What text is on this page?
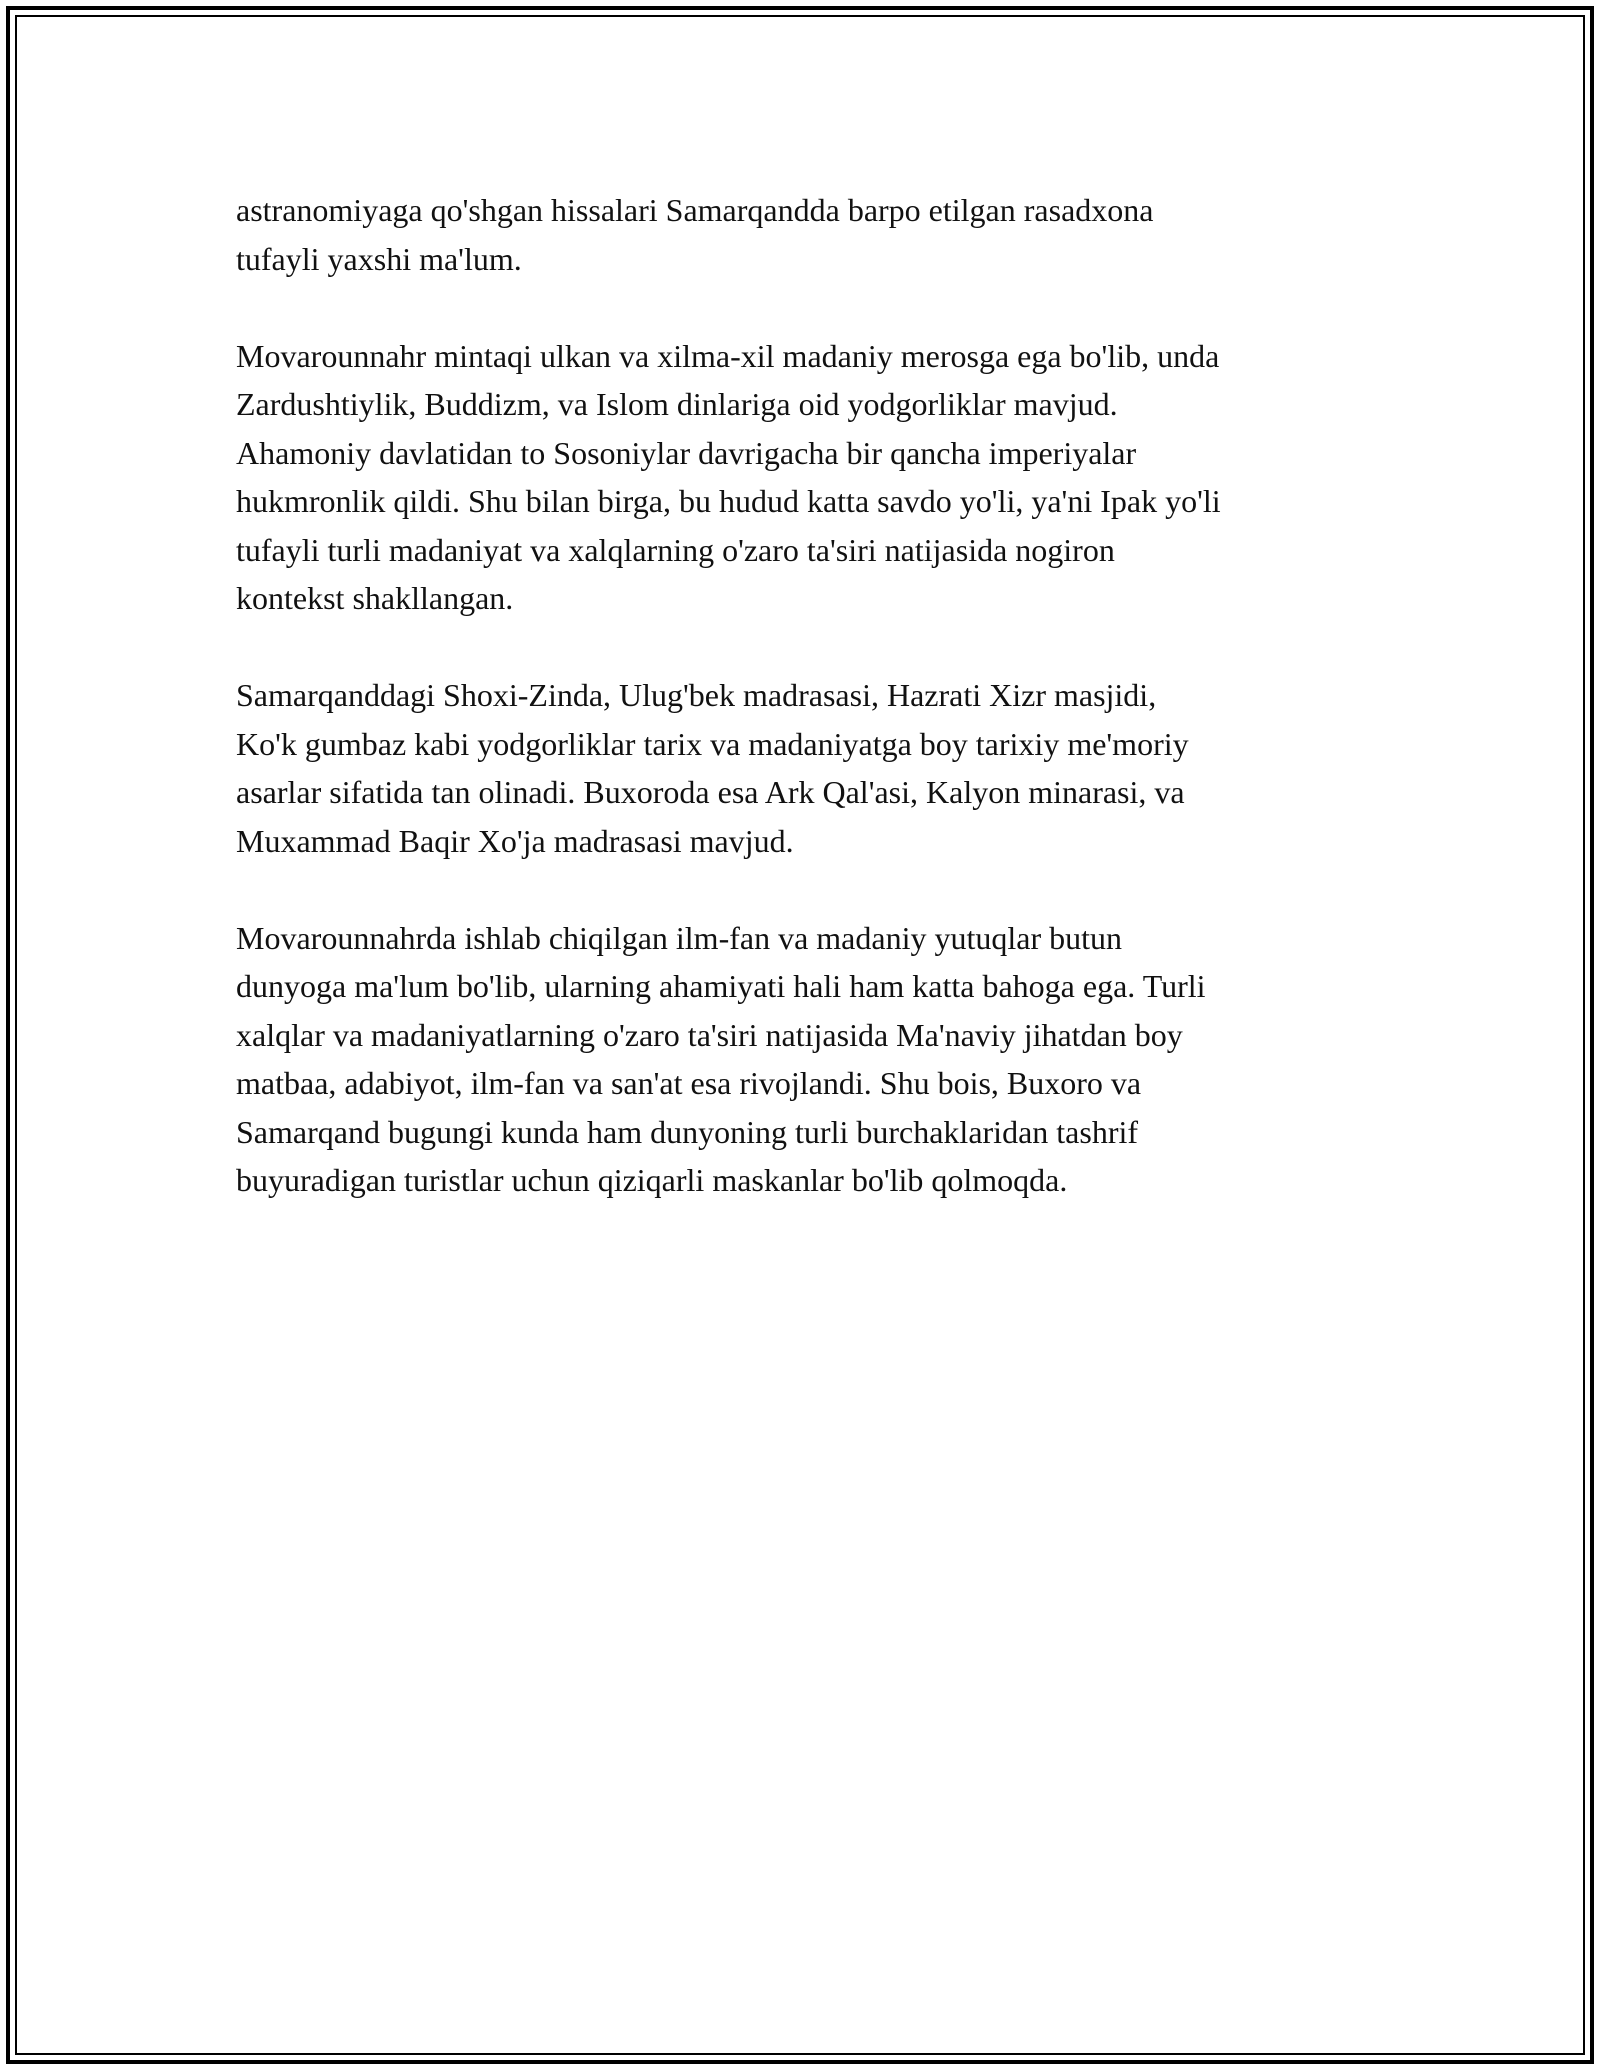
astranomiyaga qo'shgan hissalari Samarqandda barpo etilgan rasadxona
tufayli yaxshi ma'lum.

Movarounnahr mintaqi ulkan va xilma-xil madaniy merosga ega bo'lib, unda
Zardushtiylik, Buddizm, va Islom dinlariga oid yodgorliklar mavjud.
Ahamoniy davlatidan to Sosoniylar davrigacha bir qancha imperiyalar
hukmronlik qildi. Shu bilan birga, bu hudud katta savdo yo'li, ya'ni Ipak yo'li
tufayli turli madaniyat va xalqlarning o'zaro ta'siri natijasida nogiron
kontekst shakllangan.

Samarqanddagi Shoxi-Zinda, Ulug'bek madrasasi, Hazrati Xizr masjidi,
Ko'k gumbaz kabi yodgorliklar tarix va madaniyatga boy tarixiy me'moriy
asarlar sifatida tan olinadi. Buxoroda esa Ark Qal'asi, Kalyon minarasi, va
Muxammad Baqir Xo'ja madrasasi mavjud.

Movarounnahrda ishlab chiqilgan ilm-fan va madaniy yutuqlar butun
dunyoga ma'lum bo'lib, ularning ahamiyati hali ham katta bahoga ega. Turli
xalqlar va madaniyatlarning o'zaro ta'siri natijasida Ma'naviy jihatdan boy
matbaa, adabiyot, ilm-fan va san'at esa rivojlandi. Shu bois, Buxoro va
Samarqand bugungi kunda ham dunyoning turli burchaklaridan tashrif
buyuradigan turistlar uchun qiziqarli maskanlar bo'lib qolmoqda.
